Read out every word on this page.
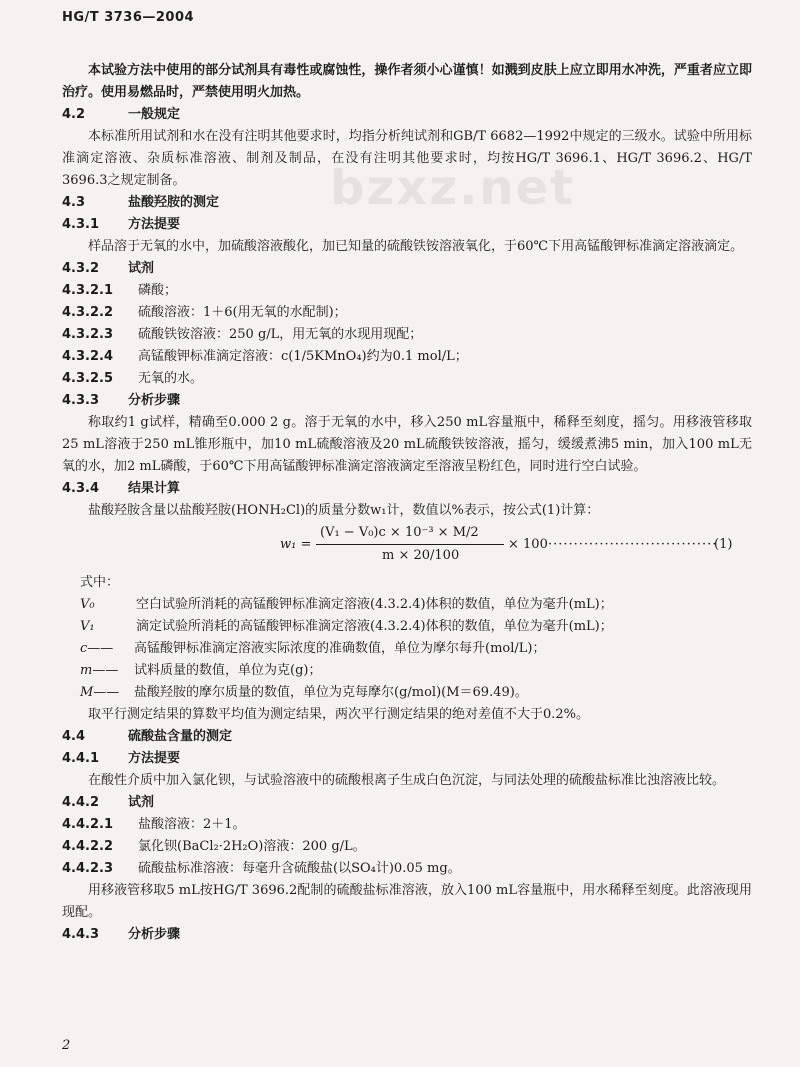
HG/T 3736—2004
bzxz.net

本试验方法中使用的部分试剂具有毒性或腐蚀性，操作者须小心谨慎！如溅到皮肤上应立即用水冲洗，严重者应立即治疗。使用易燃品时，严禁使用明火加热。

4.2	一般规定

本标准所用试剂和水在没有注明其他要求时，均指分析纯试剂和GB/T 6682—1992中规定的三级水。试验中所用标准滴定溶液、杂质标准溶液、制剂及制品，在没有注明其他要求时，均按HG/T 3696.1、HG/T 3696.2、HG/T 3696.3之规定制备。

4.3	盐酸羟胺的测定
4.3.1	方法提要

样品溶于无氧的水中，加硫酸溶液酸化，加已知量的硫酸铁铵溶液氧化，于60℃下用高锰酸钾标准滴定溶液滴定。

4.3.2	试剂
4.3.2.1	磷酸；
4.3.2.2	硫酸溶液：1＋6(用无氧的水配制)；
4.3.2.3	硫酸铁铵溶液：250 g/L，用无氧的水现用现配；
4.3.2.4	高锰酸钾标准滴定溶液：c(1/5KMnO₄)约为0.1 mol/L；
4.3.2.5	无氧的水。
4.3.3	分析步骤

称取约1 g试样，精确至0.000 2 g。溶于无氧的水中，移入250 mL容量瓶中，稀释至刻度，摇匀。用移液管移取25 mL溶液于250 mL锥形瓶中，加10 mL硫酸溶液及20 mL硫酸铁铵溶液，摇匀，缓缓煮沸5 min，加入100 mL无氧的水，加2 mL磷酸，于60℃下用高锰酸钾标准滴定溶液滴定至溶液呈粉红色，同时进行空白试验。

4.3.4	结果计算

盐酸羟胺含量以盐酸羟胺(HONH₂Cl)的质量分数w₁计，数值以%表示，按公式(1)计算：

w₁ =
(V₁ − V₀)c × 10⁻³ × M/2
m × 20/100
× 100 ·································
(1)

式中：

V₀	空白试验所消耗的高锰酸钾标准滴定溶液(4.3.2.4)体积的数值，单位为毫升(mL)；
V₁	滴定试验所消耗的高锰酸钾标准滴定溶液(4.3.2.4)体积的数值，单位为毫升(mL)；
c——	高锰酸钾标准滴定溶液实际浓度的准确数值，单位为摩尔每升(mol/L)；
m——	试料质量的数值，单位为克(g)；
M——	盐酸羟胺的摩尔质量的数值，单位为克每摩尔(g/mol)(M＝69.49)。

取平行测定结果的算数平均值为测定结果，两次平行测定结果的绝对差值不大于0.2%。

4.4	硫酸盐含量的测定
4.4.1	方法提要

在酸性介质中加入氯化钡，与试验溶液中的硫酸根离子生成白色沉淀，与同法处理的硫酸盐标准比浊溶液比较。

4.4.2	试剂
4.4.2.1	盐酸溶液：2＋1。
4.4.2.2	氯化钡(BaCl₂·2H₂O)溶液：200 g/L。
4.4.2.3	硫酸盐标准溶液：每毫升含硫酸盐(以SO₄计)0.05 mg。

用移液管移取5 mL按HG/T 3696.2配制的硫酸盐标准溶液，放入100 mL容量瓶中，用水稀释至刻度。此溶液现用现配。

4.4.3	分析步骤
2
